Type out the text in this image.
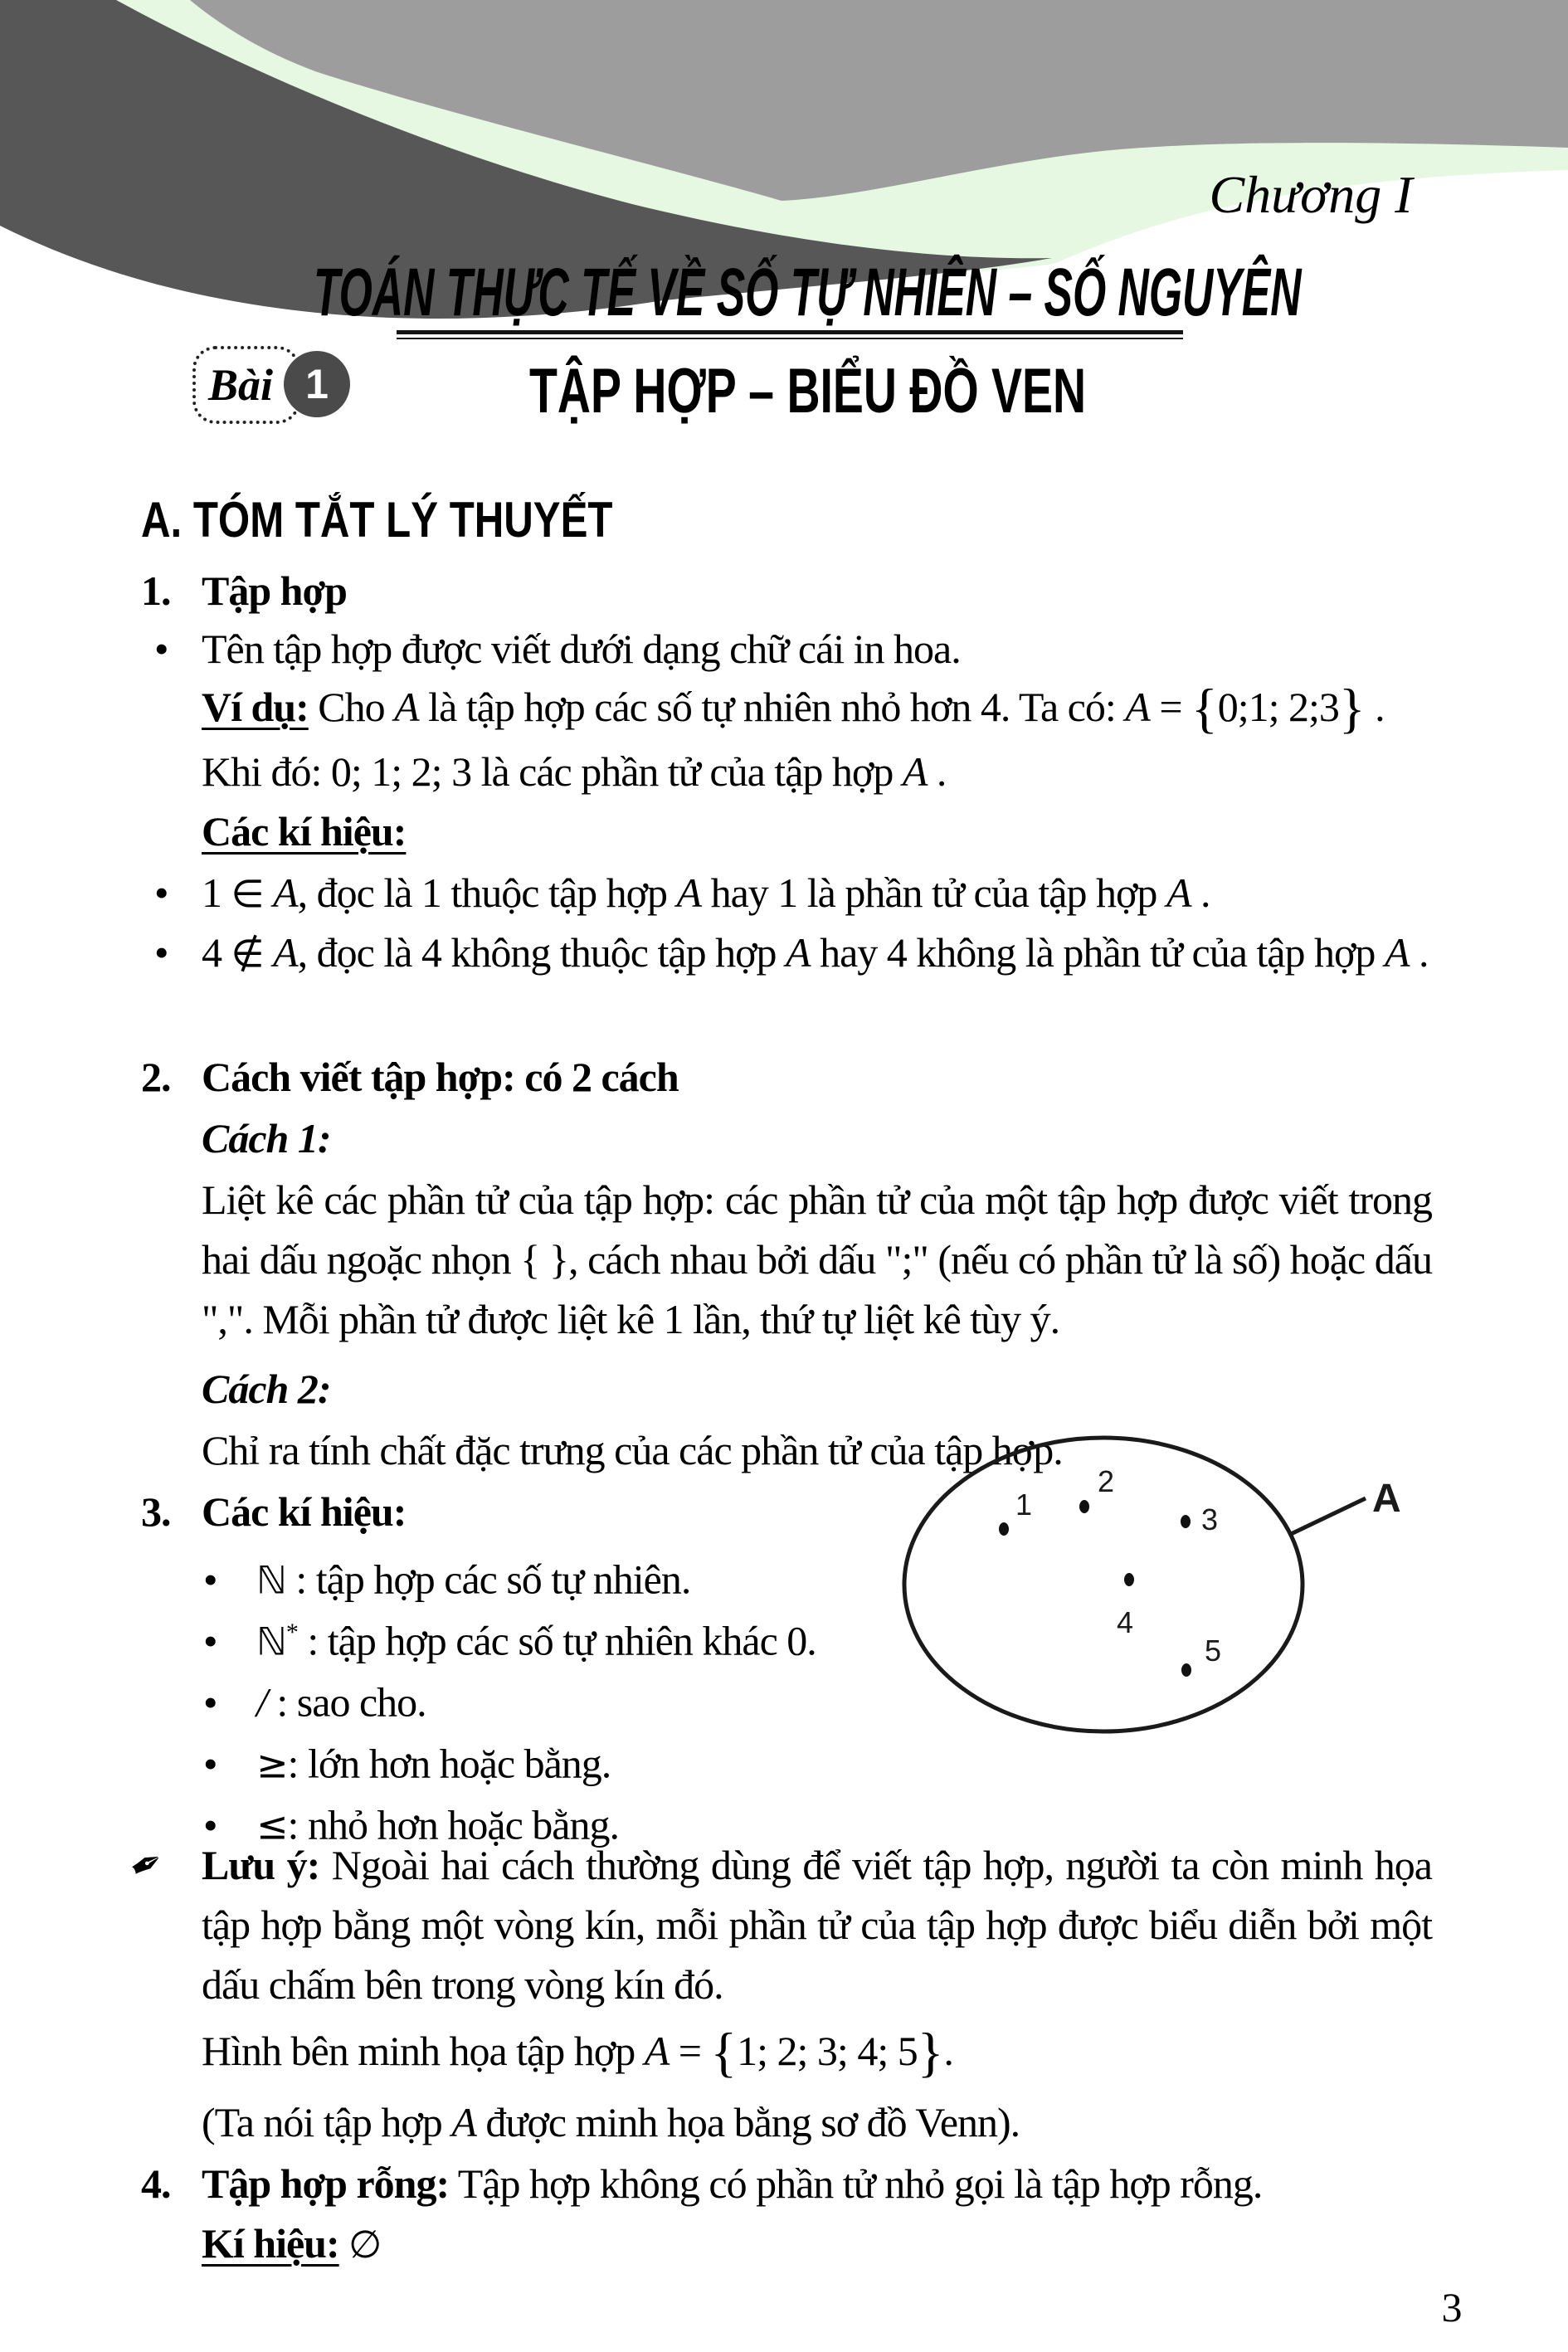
Chương I
TOÁN THỰC TẾ VỀ SỐ TỰ NHIÊN – SỐ NGUYÊN
Bài 1	TẬP HỢP – BIỂU ĐỒ VEN
A. TÓM TẮT LÝ THUYẾT
1. Tập hợp
• Tên tập hợp được viết dưới dạng chữ cái in hoa.
Ví dụ: Cho A là tập hợp các số tự nhiên nhỏ hơn 4. Ta có: A = {0;1; 2;3} .
Khi đó: 0; 1; 2; 3 là các phần tử của tập hợp A .
Các kí hiệu:
• 1 ∈ A, đọc là 1 thuộc tập hợp A hay 1 là phần tử của tập hợp A .
• 4 ∉ A, đọc là 4 không thuộc tập hợp A hay 4 không là phần tử của tập hợp A .
2. Cách viết tập hợp: có 2 cách
Cách 1:
Liệt kê các phần tử của tập hợp: các phần tử của một tập hợp được viết trong hai dấu ngoặc nhọn { }, cách nhau bởi dấu ";" (nếu có phần tử là số) hoặc dấu ",". Mỗi phần tử được liệt kê 1 lần, thứ tự liệt kê tùy ý.
Cách 2:
Chỉ ra tính chất đặc trưng của các phần tử của tập hợp.
3. Các kí hiệu:
• ℕ : tập hợp các số tự nhiên.
• ℕ* : tập hợp các số tự nhiên khác 0.
• / : sao cho.
• ≥: lớn hơn hoặc bằng.
• ≤: nhỏ hơn hoặc bằng.
A
1
2
3
4
5
✒ Lưu ý: Ngoài hai cách thường dùng để viết tập hợp, người ta còn minh họa tập hợp bằng một vòng kín, mỗi phần tử của tập hợp được biểu diễn bởi một dấu chấm bên trong vòng kín đó.
Hình bên minh họa tập hợp A = {1; 2; 3; 4; 5}.
(Ta nói tập hợp A được minh họa bằng sơ đồ Venn).
4. Tập hợp rỗng: Tập hợp không có phần tử nhỏ gọi là tập hợp rỗng.
Kí hiệu: ∅
3
